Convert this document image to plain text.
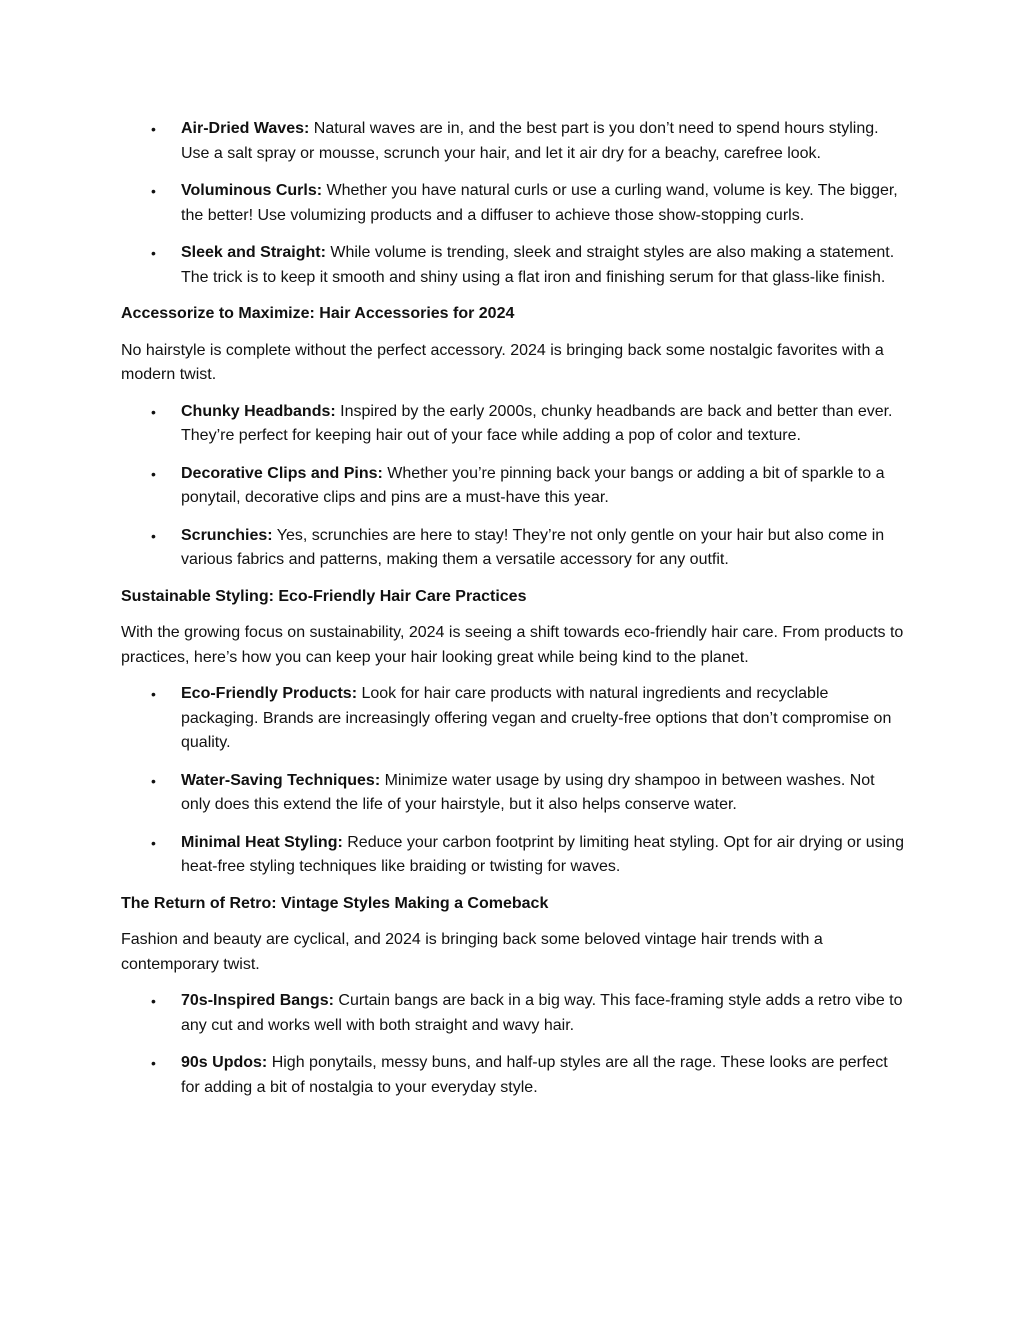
• Air-Dried Waves: Natural waves are in, and the best part is you don’t need to spend hours styling. Use a salt spray or mousse, scrunch your hair, and let it air dry for a beachy, carefree look.
• Voluminous Curls: Whether you have natural curls or use a curling wand, volume is key. The bigger, the better! Use volumizing products and a diffuser to achieve those show-stopping curls.
• Sleek and Straight: While volume is trending, sleek and straight styles are also making a statement. The trick is to keep it smooth and shiny using a flat iron and finishing serum for that glass-like finish.
Accessorize to Maximize: Hair Accessories for 2024

No hairstyle is complete without the perfect accessory. 2024 is bringing back some nostalgic favorites with a modern twist.

• Chunky Headbands: Inspired by the early 2000s, chunky headbands are back and better than ever. They’re perfect for keeping hair out of your face while adding a pop of color and texture.
• Decorative Clips and Pins: Whether you’re pinning back your bangs or adding a bit of sparkle to a ponytail, decorative clips and pins are a must-have this year.
• Scrunchies: Yes, scrunchies are here to stay! They’re not only gentle on your hair but also come in various fabrics and patterns, making them a versatile accessory for any outfit.
Sustainable Styling: Eco-Friendly Hair Care Practices

With the growing focus on sustainability, 2024 is seeing a shift towards eco-friendly hair care. From products to practices, here’s how you can keep your hair looking great while being kind to the planet.

• Eco-Friendly Products: Look for hair care products with natural ingredients and recyclable packaging. Brands are increasingly offering vegan and cruelty-free options that don’t compromise on quality.
• Water-Saving Techniques: Minimize water usage by using dry shampoo in between washes. Not only does this extend the life of your hairstyle, but it also helps conserve water.
• Minimal Heat Styling: Reduce your carbon footprint by limiting heat styling. Opt for air drying or using heat-free styling techniques like braiding or twisting for waves.
The Return of Retro: Vintage Styles Making a Comeback

Fashion and beauty are cyclical, and 2024 is bringing back some beloved vintage hair trends with a contemporary twist.

• 70s-Inspired Bangs: Curtain bangs are back in a big way. This face-framing style adds a retro vibe to any cut and works well with both straight and wavy hair.
• 90s Updos: High ponytails, messy buns, and half-up styles are all the rage. These looks are perfect for adding a bit of nostalgia to your everyday style.
